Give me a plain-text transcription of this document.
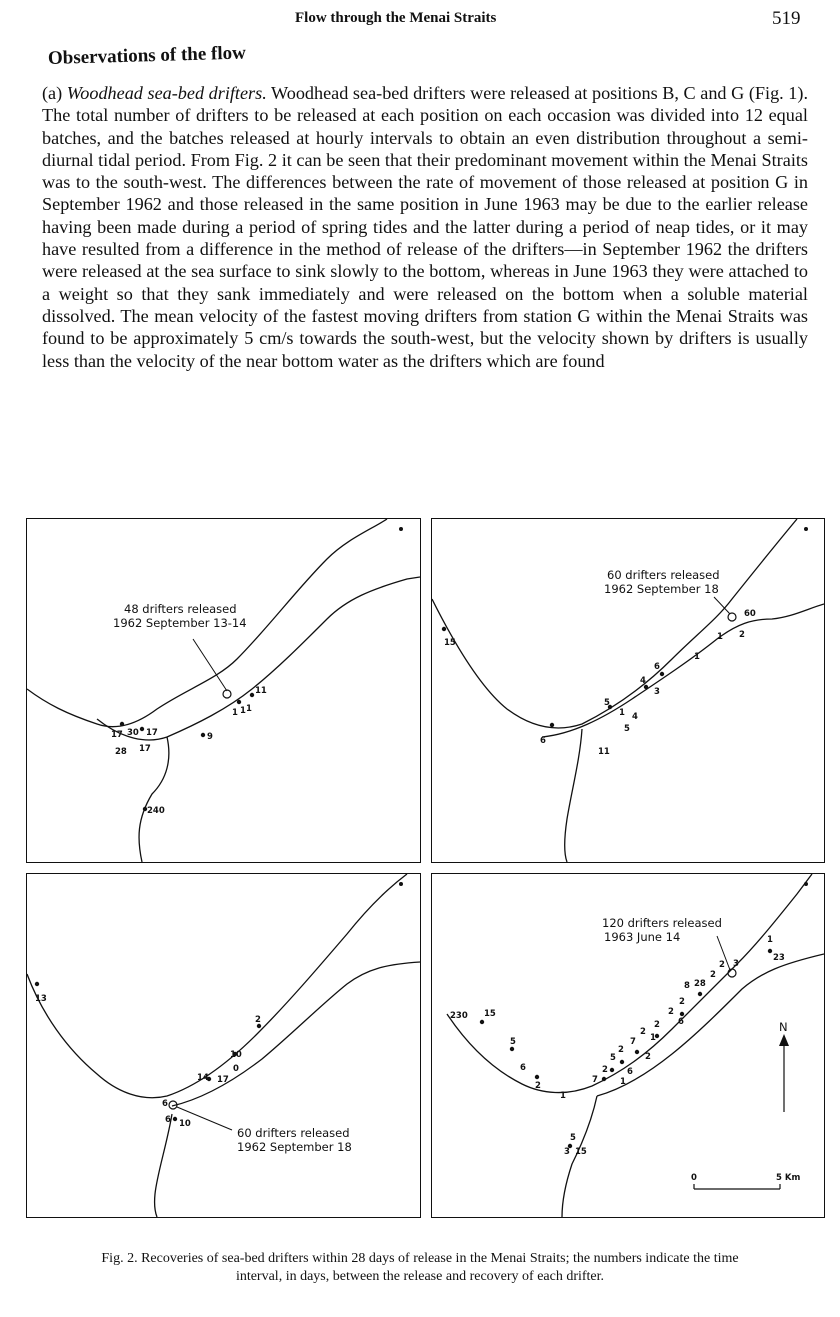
Flow through the Menai Straits	519
Observations of the flow

(a) Woodhead sea-bed drifters. Woodhead sea-bed drifters were released at positions B, C and G (Fig. 1). The total number of drifters to be released at each position on each occasion was divided into 12 equal batches, and the batches released at hourly intervals to obtain an even distribution throughout a semi-diurnal tidal period. From Fig. 2 it can be seen that their predominant movement within the Menai Straits was to the south-west. The differences between the rate of movement of those released at position G in September 1962 and those released in the same position in June 1963 may be due to the earlier release having been made during a period of spring tides and the latter during a period of neap tides, or it may have resulted from a difference in the method of release of the drifters—in September 1962 the drifters were released at the sea surface to sink slowly to the bottom, whereas in June 1963 they were attached to a weight so that they sank immediately and were released on the bottom when a soluble material dissolved. The mean velocity of the fastest moving drifters from station G within the Menai Straits was found to be approximately 5 cm/s towards the south-west, but the velocity shown by drifters is usually less than the velocity of the near bottom water as the drifters which are found

48 drifters released
1962 September 13-14
11
1 1 1
9
17 30 17
17
28
240
60 drifters released
1962 September 18
60
2
1
1
6
4
3
5
1 4
5
6
11
15
60 drifters released
1962 September 18
13
2
10
0
17
14
6
6 10
120 drifters released
1963 June 14	1
23
2 3
2
8 28
2
2
6
2
1
2
7
2
2
5
6
1
7
2
230 15
5
6
2
1
5
3 15
N
0	5 Km
Fig. 2. Recoveries of sea-bed drifters within 28 days of release in the Menai Straits; the numbers indicate the time interval, in days, between the release and recovery of each drifter.
